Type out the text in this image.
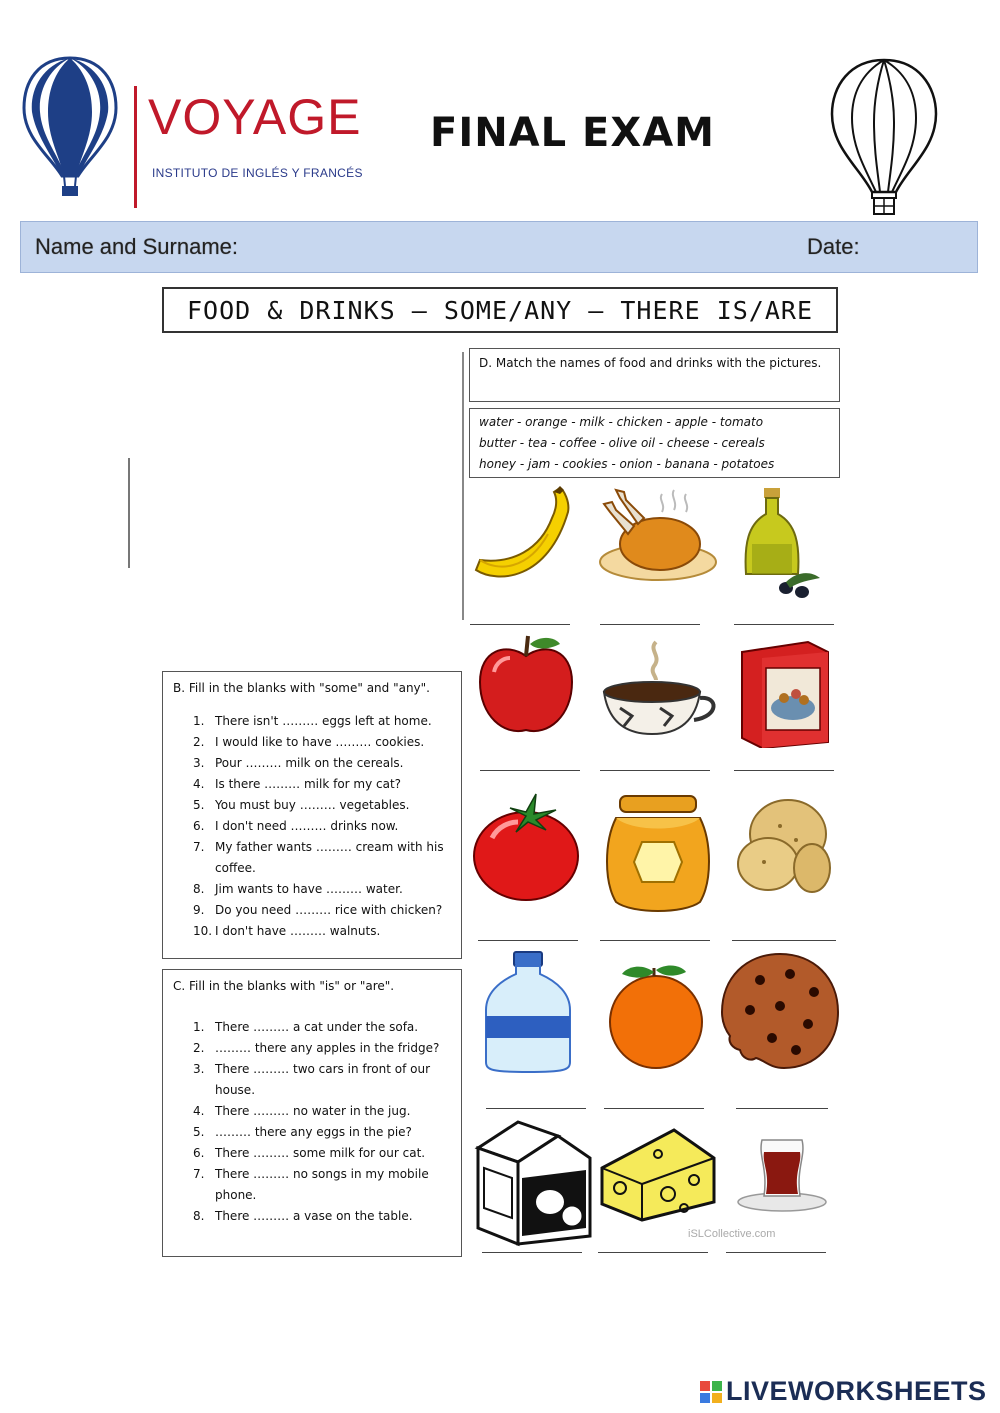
VOYAGE
INSTITUTO DE INGLÉS Y FRANCÉS
FINAL EXAM
Name and Surname:	Date:
FOOD & DRINKS – SOME/ANY – THERE IS/ARE
D. Match the names of food and drinks with the pictures.
water - orange - milk - chicken - apple - tomato
butter - tea - coffee - olive oil - cheese - cereals
honey - jam - cookies - onion - banana - potatoes
iSLCollective.com
B. Fill in the blanks with "some" and "any".
1. There isn't ……… eggs left at home.
2. I would like to have ……… cookies.
3. Pour ……… milk on the cereals.
4. Is there ……… milk for my cat?
5. You must buy ……… vegetables.
6. I don't need ……… drinks now.
7. My father wants ……… cream with his coffee.
8. Jim wants to have ……… water.
9. Do you need ……… rice with chicken?
10. I don't have ……… walnuts.
C. Fill in the blanks with "is" or "are".
1. There ……… a cat under the sofa.
2. ……… there any apples in the fridge?
3. There ……… two cars in front of our house.
4. There ……… no water in the jug.
5. ……… there any eggs in the pie?
6. There ……… some milk for our cat.
7. There ……… no songs in my mobile phone.
8. There ……… a vase on the table.
LIVEWORKSHEETS
